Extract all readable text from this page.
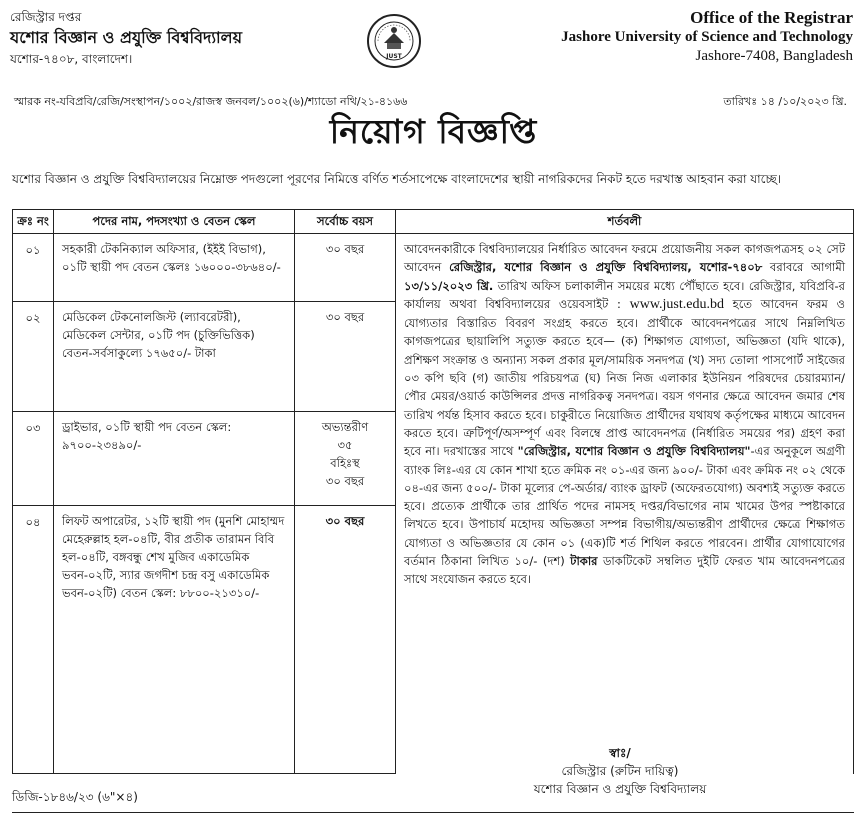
রেজিস্ট্রার দপ্তর
যশোর বিজ্ঞান ও প্রযুক্তি বিশ্ববিদ্যালয়
যশোর-৭৪০৮, বাংলাদেশ।	JUST
Office of the Registrar
Jashore University of Science and Technology
Jashore-7408, Bangladesh
স্মারক নং-যবিপ্রবি/রেজি/সংস্থাপন/১০০২/রাজস্ব জনবল/১০০২(৬)/শ্যাডো নথি/২১-৪১৬৬	তারিখঃ ১৪ /১০/২০২৩ খ্রি.
নিয়োগ বিজ্ঞপ্তি
যশোর বিজ্ঞান ও প্রযুক্তি বিশ্ববিদ্যালয়ের নিম্নোক্ত পদগুলো পূরণের নিমিত্তে বর্ণিত শর্তসাপেক্ষে বাংলাদেশের স্থায়ী নাগরিকদের নিকট হতে দরখাস্ত আহবান করা যাচ্ছে।
ক্রঃ নং	পদের নাম, পদসংখ্যা ও বেতন স্কেল	সর্বোচ্চ বয়স	শর্তবলী
০১	সহকারী টেকনিক্যাল অফিসার, (ইইই বিভাগ), ০১টি স্থায়ী পদ বেতন স্কেলঃ ১৬০০০-৩৮৬৪০/-	৩০ বছর	আবেদনকারীকে বিশ্ববিদ্যালয়ের নির্ধারিত আবেদন ফরমে প্রয়োজনীয় সকল কাগজপত্রসহ ০২ সেট আবেদন রেজিস্ট্রার, যশোর বিজ্ঞান ও প্রযুক্তি বিশ্ববিদ্যালয়, যশোর-৭৪০৮ বরাবরে আগামী ১৩/১১/২০২৩ খ্রি. তারিখ অফিস চলাকালীন সময়ের মধ্যে পৌঁছাতে হবে। রেজিস্ট্রার, যবিপ্রবি-র কার্যালয় অথবা বিশ্ববিদ্যালয়ের ওয়েবসাইট : www.just.edu.bd হতে আবেদন ফরম ও যোগ্যতার বিস্তারিত বিবরণ সংগ্রহ করতে হবে। প্রার্থীকে আবেদনপত্রের সাথে নিম্নলিখিত কাগজপত্রের ছায়ালিপি সত্যুক্ত করতে হবে— (ক) শিক্ষাগত যোগ্যতা, অভিজ্ঞতা (যদি থাকে), প্রশিক্ষণ সংক্রান্ত ও অন্যান্য সকল প্রকার মূল/সাময়িক সনদপত্র (খ) সদ্য তোলা পাসপোর্ট সাইজের ০৩ কপি ছবি (গ) জাতীয় পরিচয়পত্র (ঘ) নিজ নিজ এলাকার ইউনিয়ন পরিষদের চেয়ারম্যান/ পৌর মেয়র/ওয়ার্ড কাউন্সিলর প্রদত্ত নাগরিকত্ব সনদপত্র। বয়স গণনার ক্ষেত্রে আবেদন জমার শেষ তারিখ পর্যন্ত হিসাব করতে হবে। চাকুরীতে নিয়োজিত প্রার্থীদের যথাযথ কর্তৃপক্ষের মাধ্যমে আবেদন করতে হবে। ত্রুটিপূর্ণ/অসম্পূর্ণ এবং বিলম্বে প্রাপ্ত আবেদনপত্র (নির্ধারিত সময়ের পর) গ্রহণ করা হবে না। দরখাস্তের সাথে "রেজিস্ট্রার, যশোর বিজ্ঞান ও প্রযুক্তি বিশ্ববিদ্যালয়"-এর অনুকূলে অগ্রণী ব্যাংক লিঃ-এর যে কোন শাখা হতে ক্রমিক নং ০১-এর জন্য ৯০০/- টাকা এবং ক্রমিক নং ০২ থেকে ০৪-এর জন্য ৫০০/- টাকা মূল্যের পে-অর্ডার/ ব্যাংক ড্রাফট (অফেরতযোগ্য) অবশ্যই সত্যুক্ত করতে হবে। প্রত্যেক প্রার্থীকে তার প্রার্থিত পদের নামসহ দপ্তর/বিভাগের নাম খামের উপর স্পষ্টাকারে লিখতে হবে। উপাচার্য মহোদয় অভিজ্ঞতা সম্পন্ন বিভাগীয়/অভ্যন্তরীণ প্রার্থীদের ক্ষেত্রে শিক্ষাগত যোগ্যতা ও অভিজ্ঞতার যে কোন ০১ (এক)টি শর্ত শিথিল করতে পারবেন। প্রার্থীর যোগাযোগের বর্তমান ঠিকানা লিখিত ১০/- (দশ) টাকার ডাকটিকেট সম্বলিত দুইটি ফেরত খাম আবেদনপত্রের সাথে সংযোজন করতে হবে।
০২	মেডিকেল টেকনোলজিস্ট (ল্যাবরেটরী), মেডিকেল সেন্টার, ০১টি পদ (চুক্তিভিত্তিক) বেতন-সর্বসাকুল্যে ১৭৬৫০/- টাকা	৩০ বছর	
০৩	ড্রাইভার, ০১টি স্থায়ী পদ বেতন স্কেল: ৯৭০০-২৩৪৯০/-	অভ্যন্তরীণ
৩৫
বহিঃস্থ
৩০ বছর	

০৪	লিফট অপারেটর, ১২টি স্থায়ী পদ (মুনশি মোহাম্মদ মেহেরুল্লাহ হল-০৪টি, বীর প্রতীক তারামন বিবি হল-০৪টি, বঙ্গবন্ধু শেখ মুজিব একাডেমিক ভবন-০২টি, স্যার জগদীশ চন্দ্র বসু একাডেমিক ভবন-০২টি) বেতন স্কেল: ৮৮০০-২১৩১০/-	৩০ বছর	
স্বাঃ/
রেজিস্ট্রার (রুটিন দায়িত্ব)
যশোর বিজ্ঞান ও প্রযুক্তি বিশ্ববিদ্যালয়
ডিজি-১৮৪৬/২৩ (৬"×৪)
